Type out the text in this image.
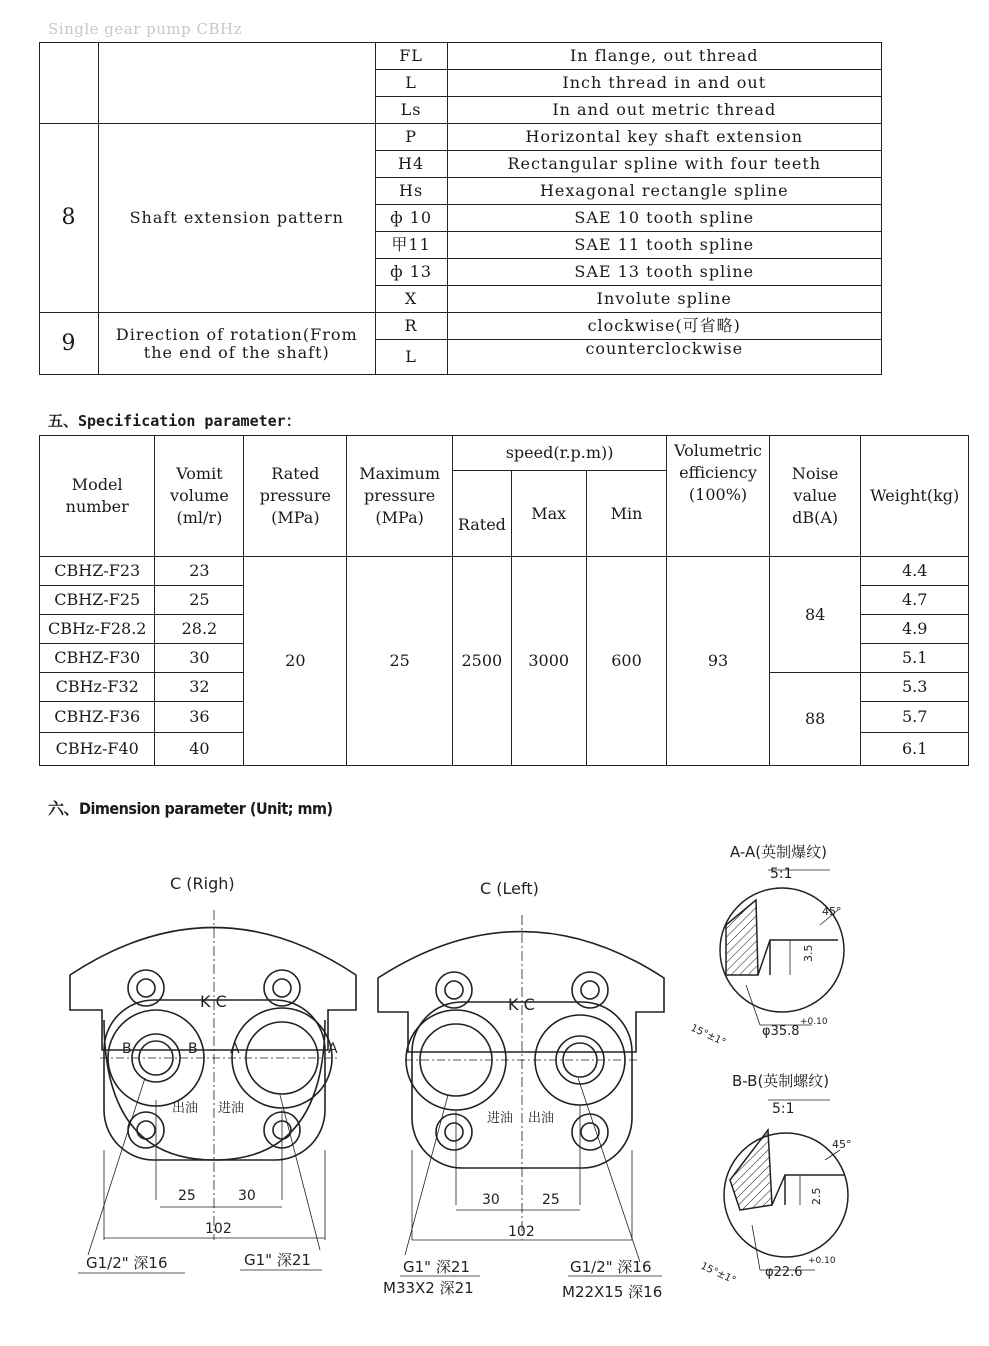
Single gear pump CBHz
		FL	In flange, out thread
		L	Inch thread in and out
		Ls	In and out metric thread
8	Shaft extension pattern	P	Horizontal key shaft extension
		H4	Rectangular spline with four teeth
		Hs	Hexagonal rectangle spline
		ф 10	SAE 10 tooth spline
		甲11	SAE 11 tooth spline
		ф 13	SAE 13 tooth spline
		X	Involute spline
9	Direction of rotation(From the end of the shaft)	R	clockwise(可省略)
		L	counterclockwise
五、Specification parameter：
Model number	Vomit volume (ml/r)	Rated pressure (MPa)	Maximum pressure (MPa)	speed(r.p.m))			Volumetric efficiency (100%)	Noise value dB(A)	Weight(kg)
				Rated	Max	Min			
CBHZ-F23	23	20	25	2500	3000	600	93	84	4.4
CBHZ-F25	25								4.7
CBHz-F28.2	28.2								4.9
CBHZ-F30	30								5.1
CBHz-F32	32							88	5.3
CBHZ-F36	36								5.7
CBHz-F40	40								6.1
六、Dimension parameter (Unit; mm)
C (Righ)
K C
B	B A	A
出油 进油
25	30
102
G1/2" 深16	G1" 深21
C (Left)
K C
进油 出油
30	25
102
G1" 深21
M33X2 深21
G1/2" 深16
M22X15 深16
A-A(英制爆纹)
5:1
45°
3.5
φ35.8
+0.10
15°±1°
B-B(英制螺纹)
5:1
45°
2.5
φ22.6
+0.10
15°±1°
